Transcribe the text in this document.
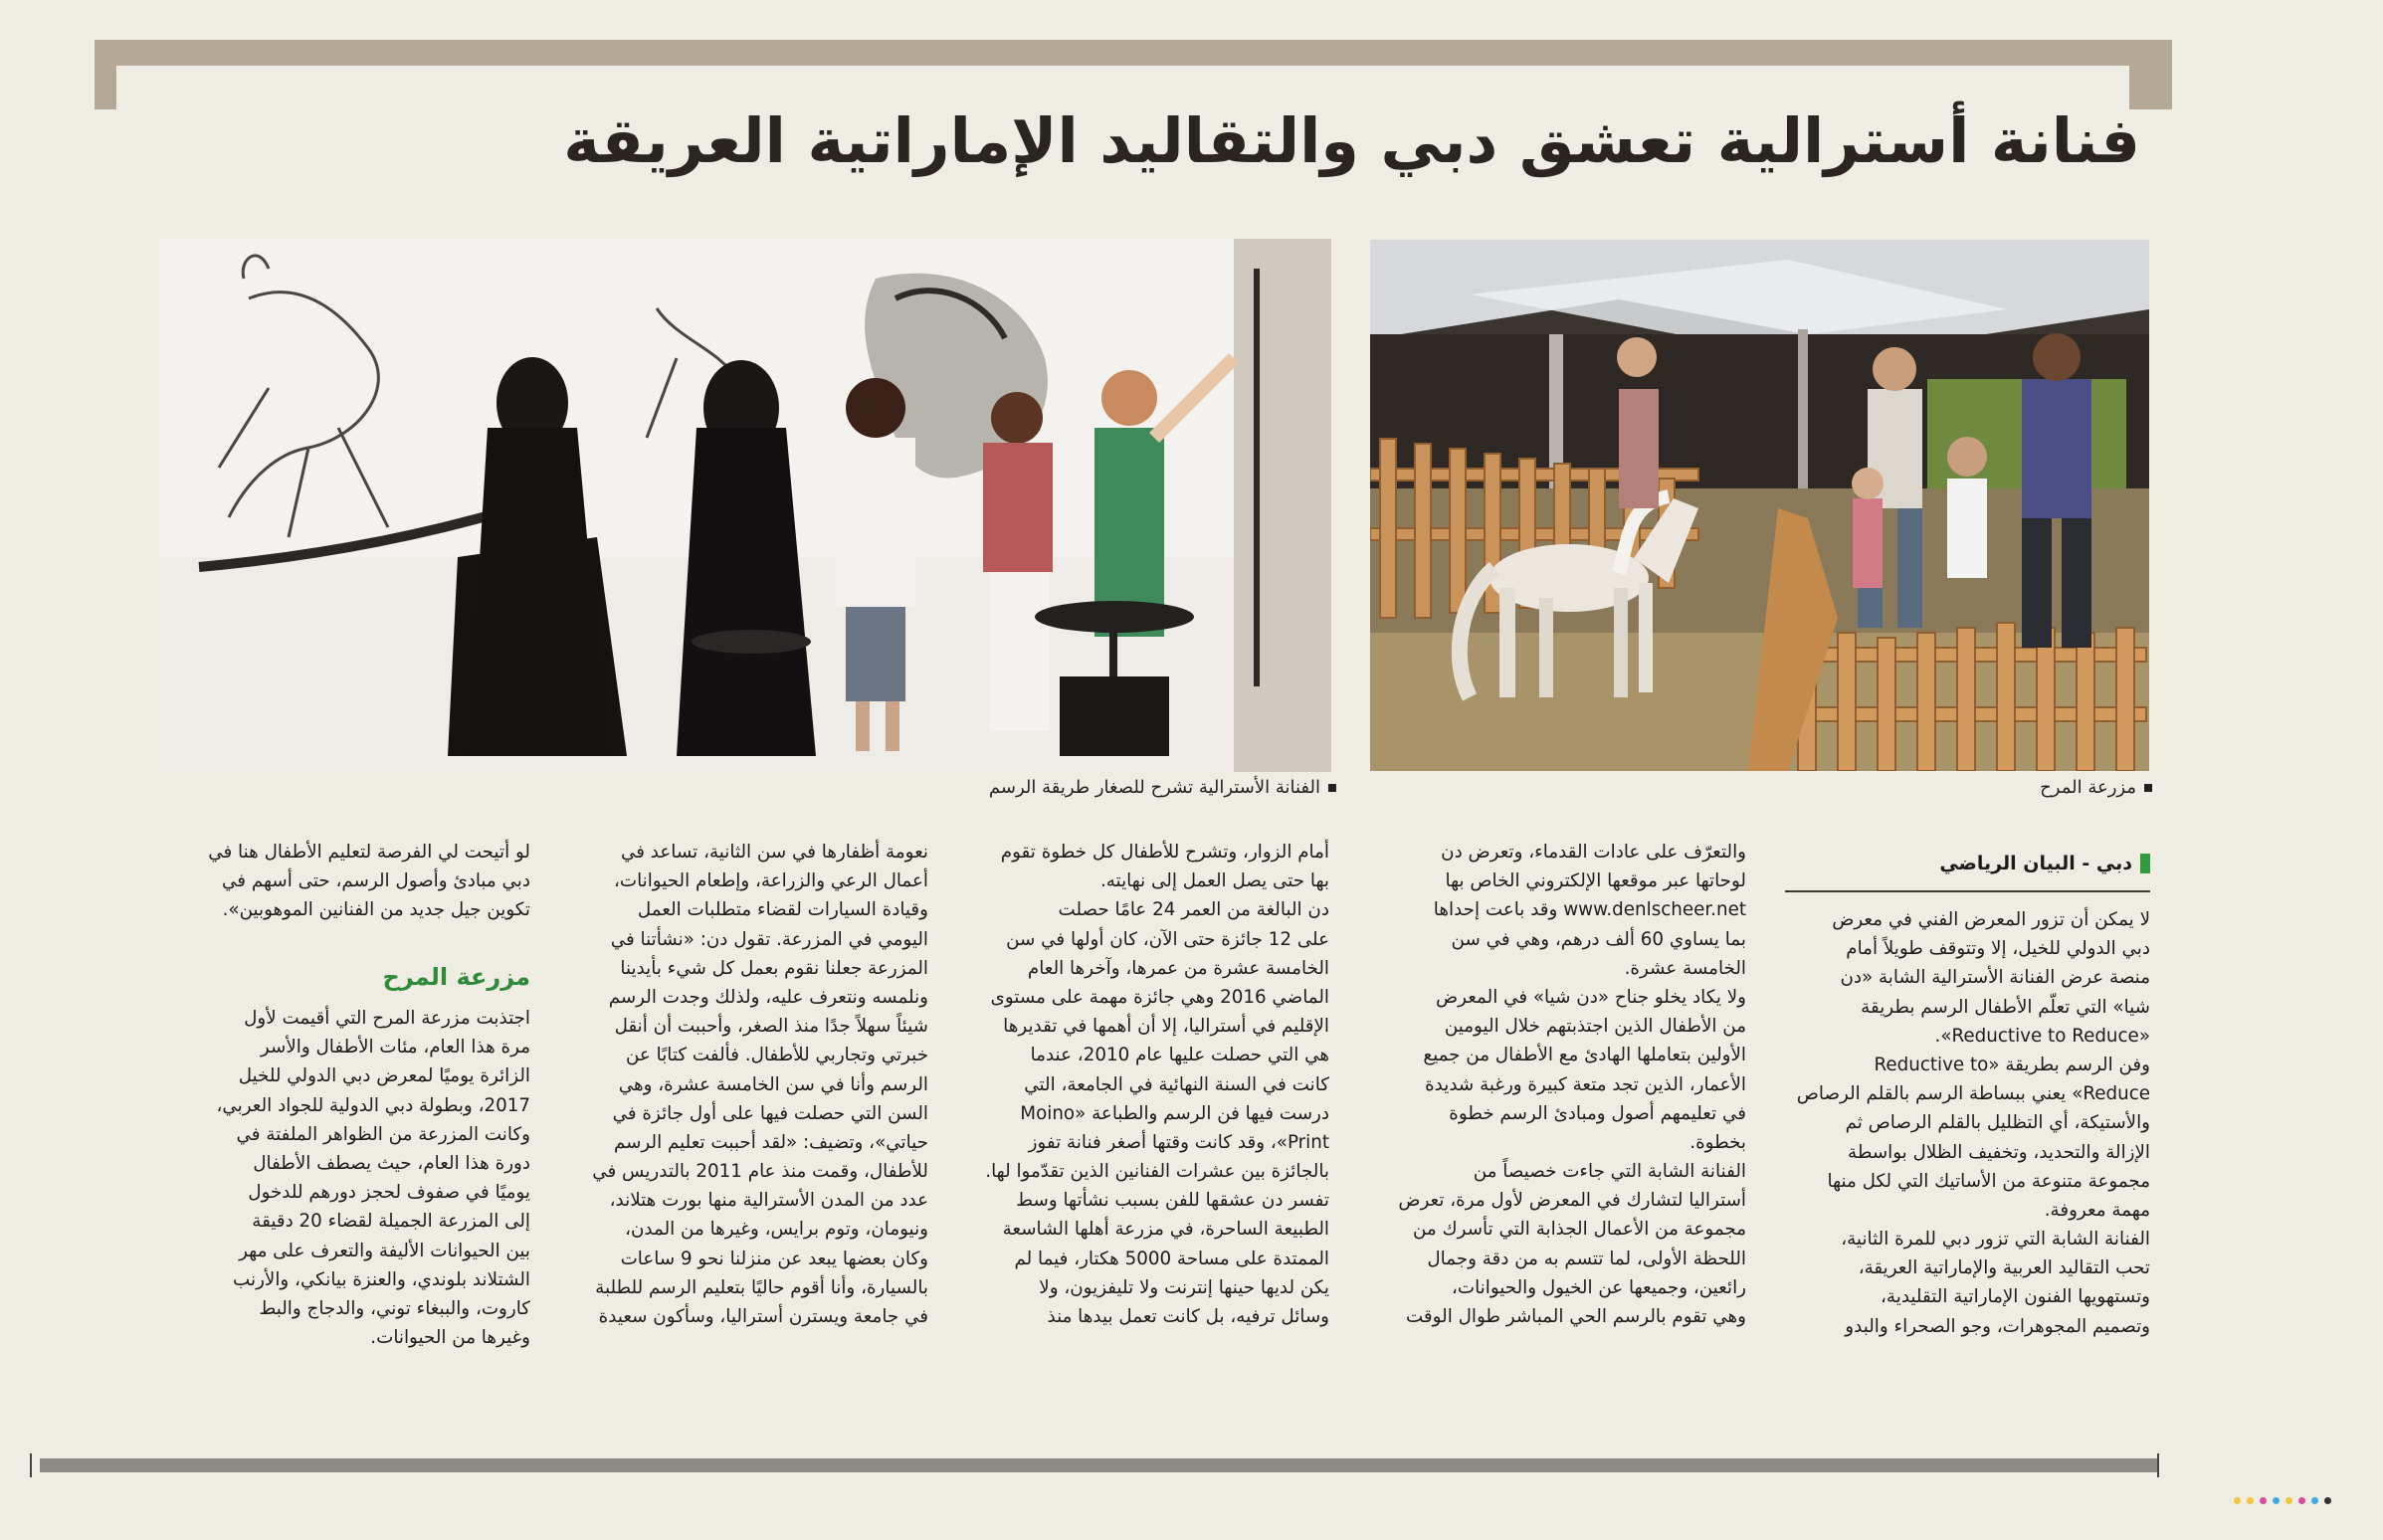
فنانة أسترالية تعشق دبي والتقاليد الإماراتية العريقة
مزرعة المرح
الفنانة الأسترالية تشرح للصغار طريقة الرسم
دبي - البيان الرياضي

لا يمكن أن تزور المعرض الفني في معرض
دبي الدولي للخيل، إلا وتتوقف طويلاً أمام
منصة عرض الفنانة الأسترالية الشابة «دن
شيا» التي تعلّم الأطفال الرسم بطريقة
«Reductive to Reduce».
وفن الرسم بطريقة «Reductive to
Reduce» يعني ببساطة الرسم بالقلم الرصاص
والأستيكة، أي التظليل بالقلم الرصاص ثم
الإزالة والتحديد، وتخفيف الظلال بواسطة
مجموعة متنوعة من الأساتيك التي لكل منها
مهمة معروفة.
الفنانة الشابة التي تزور دبي للمرة الثانية،
تحب التقاليد العربية والإماراتية العريقة،
وتستهويها الفنون الإماراتية التقليدية،
وتصميم المجوهرات، وجو الصحراء والبدو

والتعرّف على عادات القدماء، وتعرض دن
لوحاتها عبر موقعها الإلكتروني الخاص بها
www.denlscheer.net وقد باعت إحداها
بما يساوي 60 ألف درهم، وهي في سن
الخامسة عشرة.
ولا يكاد يخلو جناح «دن شيا» في المعرض
من الأطفال الذين اجتذبتهم خلال اليومين
الأولين بتعاملها الهادئ مع الأطفال من جميع
الأعمار، الذين تجد متعة كبيرة ورغبة شديدة
في تعليمهم أصول ومبادئ الرسم خطوة
بخطوة.
الفنانة الشابة التي جاءت خصيصاً من
أستراليا لتشارك في المعرض لأول مرة، تعرض
مجموعة من الأعمال الجذابة التي تأسرك من
اللحظة الأولى، لما تتسم به من دقة وجمال
رائعين، وجميعها عن الخيول والحيوانات،
وهي تقوم بالرسم الحي المباشر طوال الوقت

أمام الزوار، وتشرح للأطفال كل خطوة تقوم
بها حتى يصل العمل إلى نهايته.
دن البالغة من العمر 24 عامًا حصلت
على 12 جائزة حتى الآن، كان أولها في سن
الخامسة عشرة من عمرها، وآخرها العام
الماضي 2016 وهي جائزة مهمة على مستوى
الإقليم في أستراليا، إلا أن أهمها في تقديرها
هي التي حصلت عليها عام 2010، عندما
كانت في السنة النهائية في الجامعة، التي
درست فيها فن الرسم والطباعة «Moino
Print»، وقد كانت وقتها أصغر فنانة تفوز
بالجائزة بين عشرات الفنانين الذين تقدّموا لها.
تفسر دن عشقها للفن بسبب نشأتها وسط
الطبيعة الساحرة، في مزرعة أهلها الشاسعة
الممتدة على مساحة 5000 هكتار، فيما لم
يكن لديها حينها إنترنت ولا تليفزيون، ولا
وسائل ترفيه، بل كانت تعمل بيدها منذ

نعومة أظفارها في سن الثانية، تساعد في
أعمال الرعي والزراعة، وإطعام الحيوانات،
وقيادة السيارات لقضاء متطلبات العمل
اليومي في المزرعة. تقول دن: «نشأتنا في
المزرعة جعلنا نقوم بعمل كل شيء بأيدينا
ونلمسه ونتعرف عليه، ولذلك وجدت الرسم
شيئاً سهلاً جدًا منذ الصغر، وأحببت أن أنقل
خبرتي وتجاربي للأطفال. فألفت كتابًا عن
الرسم وأنا في سن الخامسة عشرة، وهي
السن التي حصلت فيها على أول جائزة في
حياتي»، وتضيف: «لقد أحببت تعليم الرسم
للأطفال، وقمت منذ عام 2011 بالتدريس في
عدد من المدن الأسترالية منها بورت هتلاند،
ونيومان، وتوم برايس، وغيرها من المدن،
وكان بعضها يبعد عن منزلنا نحو 9 ساعات
بالسيارة، وأنا أقوم حاليًا بتعليم الرسم للطلبة
في جامعة ويسترن أستراليا، وسأكون سعيدة

لو أتيحت لي الفرصة لتعليم الأطفال هنا في
دبي مبادئ وأصول الرسم، حتى أسهم في
تكوين جيل جديد من الفنانين الموهوبين».

مزرعة المرح

اجتذبت مزرعة المرح التي أقيمت لأول
مرة هذا العام، مئات الأطفال والأسر
الزائرة يوميًا لمعرض دبي الدولي للخيل
2017، وبطولة دبي الدولية للجواد العربي،
وكانت المزرعة من الظواهر الملفتة في
دورة هذا العام، حيث يصطف الأطفال
يوميًا في صفوف لحجز دورهم للدخول
إلى المزرعة الجميلة لقضاء 20 دقيقة
بين الحيوانات الأليفة والتعرف على مهر
الشتلاند بلوندي، والعنزة بيانكي، والأرنب
كاروت، والببغاء توني، والدجاج والبط
وغيرها من الحيوانات.
